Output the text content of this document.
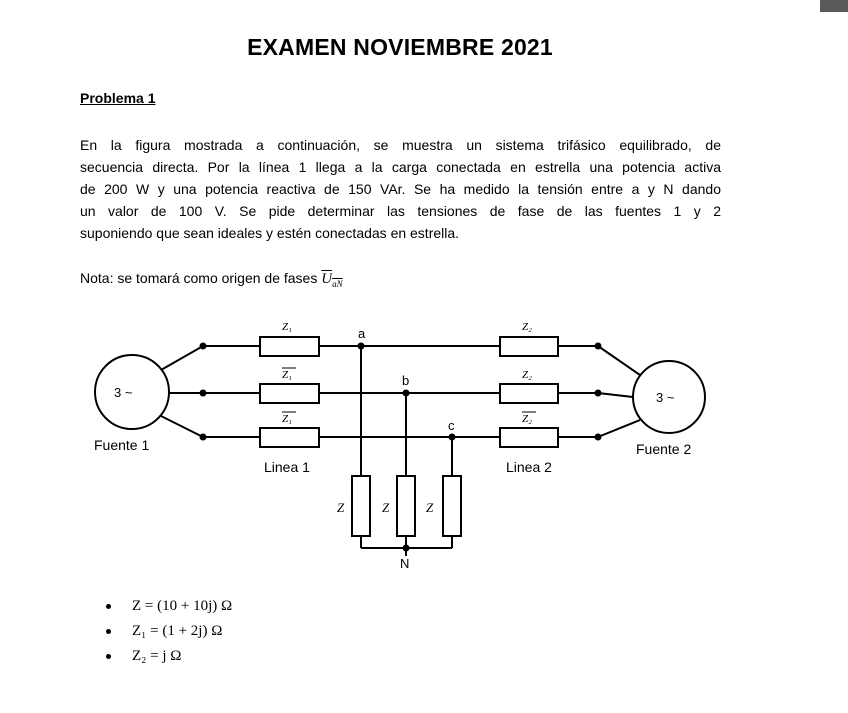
EXAMEN NOVIEMBRE 2021
Problema 1
En la figura mostrada a continuación, se muestra un sistema trifásico equilibrado, de
secuencia directa. Por la línea 1 llega a la carga conectada en estrella una potencia activa
de 200 W y una potencia reactiva de 150 VAr. Se ha medido la tensión entre a y N dando
un valor de 100 V. Se pide determinar las tensiones de fase de las fuentes 1 y 2
suponiendo que sean ideales y estén conectadas en estrella.
Nota: se tomará como origen de fases $U_{aN}$
3 ~
Fuente 1
3 ~
Fuente 2
Z₁
Z₁
Z₁
Z₂
Z₂
Z₂
a
b
c
N
Linea 1	Linea 2
Z	Z	Z
Z = (10 + 10j) Ω
Z₁ = (1 + 2j) Ω
Z₂ = j Ω
